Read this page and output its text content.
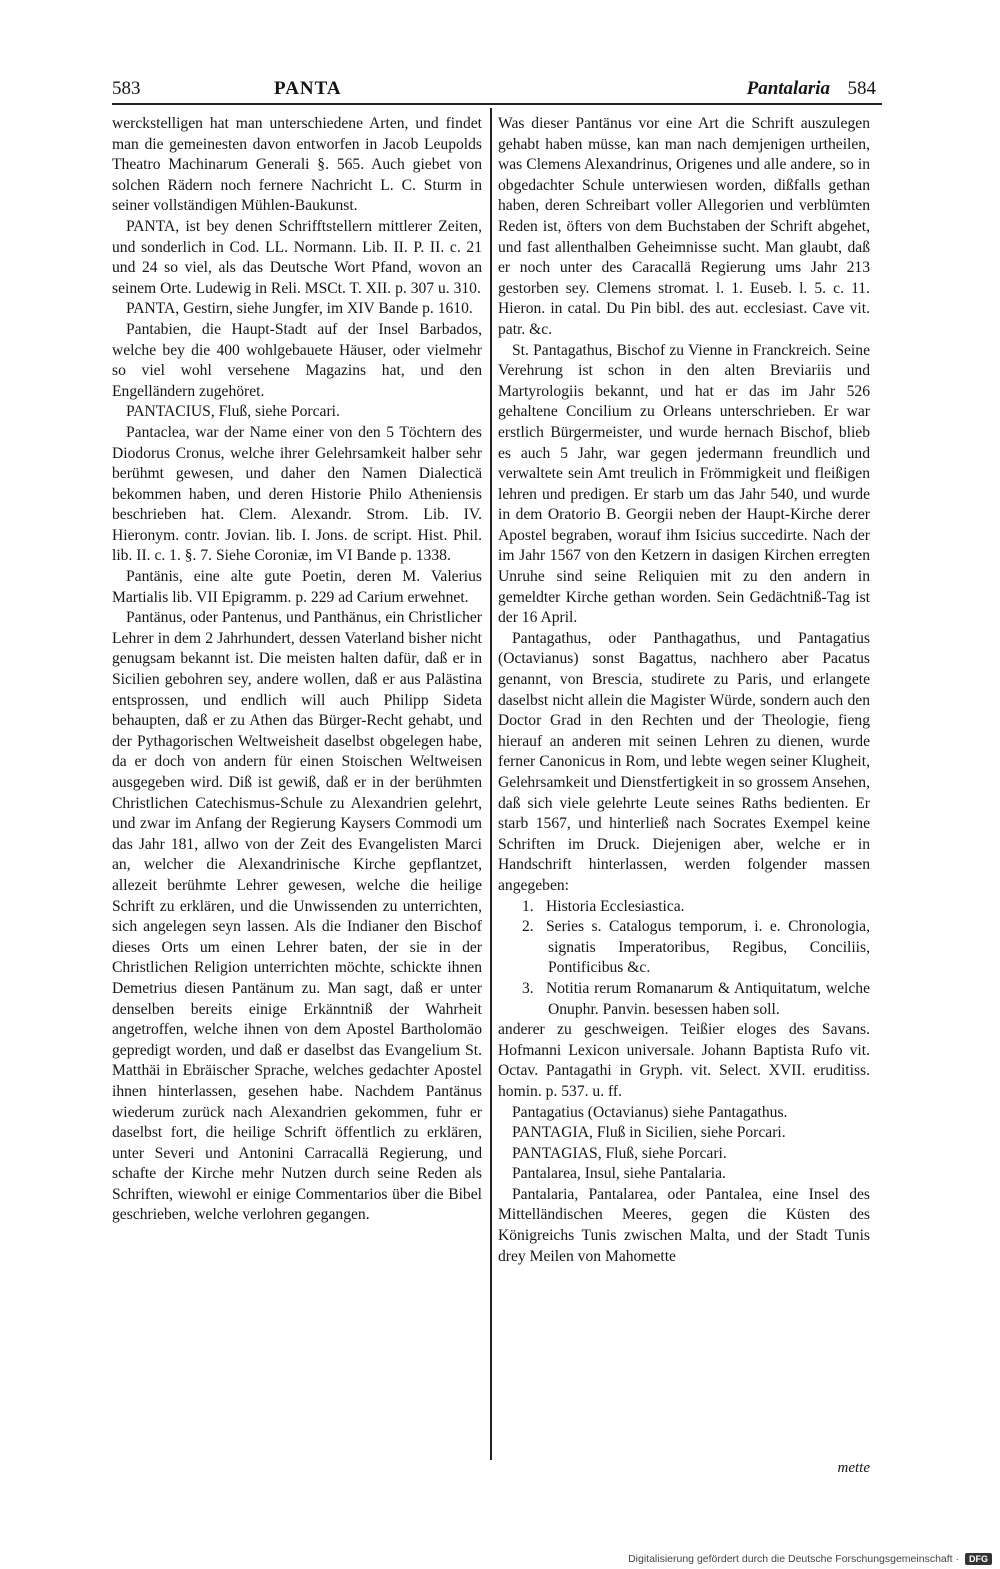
583	PANTA	Pantalaria 584

werckstelligen hat man unterschiedene Arten, und findet man die gemeinesten davon entworfen in Jacob Leupolds Theatro Machinarum Generali §. 565. Auch giebet von solchen Rädern noch fernere Nachricht L. C. Sturm in seiner vollständigen Mühlen-Baukunst.

PANTA, ist bey denen Schrifftstellern mittlerer Zeiten, und sonderlich in Cod. LL. Normann. Lib. II. P. II. c. 21 und 24 so viel, als das Deutsche Wort Pfand, wovon an seinem Orte. Ludewig in Reli. MSCt. T. XII. p. 307 u. 310.

PANTA, Gestirn, siehe Jungfer, im XIV Bande p. 1610.

Pantabien, die Haupt-Stadt auf der Insel Barbados, welche bey die 400 wohlgebauete Häuser, oder vielmehr so viel wohl versehene Magazins hat, und den Engelländern zugehöret.

PANTACIUS, Fluß, siehe Porcari.

Pantaclea, war der Name einer von den 5 Töchtern des Diodorus Cronus, welche ihrer Gelehrsamkeit halber sehr berühmt gewesen, und daher den Namen Dialecticä bekommen haben, und deren Historie Philo Atheniensis beschrieben hat. Clem. Alexandr. Strom. Lib. IV. Hieronym. contr. Jovian. lib. I. Jons. de script. Hist. Phil. lib. II. c. 1. §. 7. Siehe Coroniæ, im VI Bande p. 1338.

Pantänis, eine alte gute Poetin, deren M. Valerius Martialis lib. VII Epigramm. p. 229 ad Carium erwehnet.

Pantänus, oder Pantenus, und Panthänus, ein Christlicher Lehrer in dem 2 Jahrhundert, dessen Vaterland bisher nicht genugsam bekannt ist. Die meisten halten dafür, daß er in Sicilien gebohren sey, andere wollen, daß er aus Palästina entsprossen, und endlich will auch Philipp Sideta behaupten, daß er zu Athen das Bürger-Recht gehabt, und der Pythagorischen Weltweisheit daselbst obgelegen habe, da er doch von andern für einen Stoischen Weltweisen ausgegeben wird. Diß ist gewiß, daß er in der berühmten Christlichen Catechismus-Schule zu Alexandrien gelehrt, und zwar im Anfang der Regierung Kaysers Commodi um das Jahr 181, allwo von der Zeit des Evangelisten Marci an, welcher die Alexandrinische Kirche gepflantzet, allezeit berühmte Lehrer gewesen, welche die heilige Schrift zu erklären, und die Unwissenden zu unterrichten, sich angelegen seyn lassen. Als die Indianer den Bischof dieses Orts um einen Lehrer baten, der sie in der Christlichen Religion unterrichten möchte, schickte ihnen Demetrius diesen Pantänum zu. Man sagt, daß er unter denselben bereits einige Erkänntniß der Wahrheit angetroffen, welche ihnen von dem Apostel Bartholomäo gepredigt worden, und daß er daselbst das Evangelium St. Matthäi in Ebräischer Sprache, welches gedachter Apostel ihnen hinterlassen, gesehen habe. Nachdem Pantänus wiederum zurück nach Alexandrien gekommen, fuhr er daselbst fort, die heilige Schrift öffentlich zu erklären, unter Severi und Antonini Carracallä Regierung, und schafte der Kirche mehr Nutzen durch seine Reden als Schriften, wiewohl er einige Commentarios über die Bibel geschrieben, welche verlohren gegangen.

Was dieser Pantänus vor eine Art die Schrift auszulegen gehabt haben müsse, kan man nach demjenigen urtheilen, was Clemens Alexandrinus, Origenes und alle andere, so in obgedachter Schule unterwiesen worden, dißfalls gethan haben, deren Schreibart voller Allegorien und verblümten Reden ist, öfters von dem Buchstaben der Schrift abgehet, und fast allenthalben Geheimnisse sucht. Man glaubt, daß er noch unter des Caracallä Regierung ums Jahr 213 gestorben sey. Clemens stromat. l. 1. Euseb. l. 5. c. 11. Hieron. in catal. Du Pin bibl. des aut. ecclesiast. Cave vit. patr. &c.

St. Pantagathus, Bischof zu Vienne in Franckreich. Seine Verehrung ist schon in den alten Breviariis und Martyrologiis bekannt, und hat er das im Jahr 526 gehaltene Concilium zu Orleans unterschrieben. Er war erstlich Bürgermeister, und wurde hernach Bischof, blieb es auch 5 Jahr, war gegen jedermann freundlich und verwaltete sein Amt treulich in Frömmigkeit und fleißigen lehren und predigen. Er starb um das Jahr 540, und wurde in dem Oratorio B. Georgii neben der Haupt-Kirche derer Apostel begraben, worauf ihm Isicius succedirte. Nach der im Jahr 1567 von den Ketzern in dasigen Kirchen erregten Unruhe sind seine Reliquien mit zu den andern in gemeldter Kirche gethan worden. Sein Gedächtniß-Tag ist der 16 April.

Pantagathus, oder Panthagathus, und Pantagatius (Octavianus) sonst Bagattus, nachhero aber Pacatus genannt, von Brescia, studirete zu Paris, und erlangete daselbst nicht allein die Magister Würde, sondern auch den Doctor Grad in den Rechten und der Theologie, fieng hierauf an anderen mit seinen Lehren zu dienen, wurde ferner Canonicus in Rom, und lebte wegen seiner Klugheit, Gelehrsamkeit und Dienstfertigkeit in so grossem Ansehen, daß sich viele gelehrte Leute seines Raths bedienten. Er starb 1567, und hinterließ nach Socrates Exempel keine Schriften im Druck. Diejenigen aber, welche er in Handschrift hinterlassen, werden folgender massen angegeben:

1. Historia Ecclesiastica.
2. Series s. Catalogus temporum, i. e. Chronologia, signatis Imperatoribus, Regibus, Conciliis, Pontificibus &c.
3. Notitia rerum Romanarum & Antiquitatum, welche Onuphr. Panvin. besessen haben soll.

anderer zu geschweigen. Teißier eloges des Savans. Hofmanni Lexicon universale. Johann Baptista Rufo vit. Octav. Pantagathi in Gryph. vit. Select. XVII. eruditiss. homin. p. 537. u. ff.

Pantagatius (Octavianus) siehe Pantagathus.

PANTAGIA, Fluß in Sicilien, siehe Porcari.

PANTAGIAS, Fluß, siehe Porcari.

Pantalarea, Insul, siehe Pantalaria.

Pantalaria, Pantalarea, oder Pantalea, eine Insel des Mittelländischen Meeres, gegen die Küsten des Königreichs Tunis zwischen Malta, und der Stadt Tunis drey Meilen von Mahomette

mette
Digitalisierung gefördert durch die Deutsche Forschungsgemeinschaft ·	DFG
